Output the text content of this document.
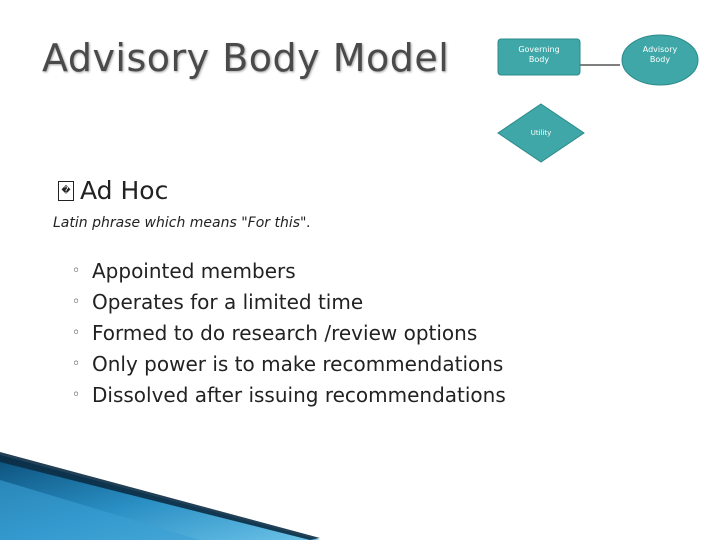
Advisory Body Model	Governing Body
Advisory Body
Utility
� Ad Hoc
Latin phrase which means "For this".
◦ Appointed members
◦ Operates for a limited time
◦ Formed to do research /review options
◦ Only power is to make recommendations
◦ Dissolved after issuing recommendations
